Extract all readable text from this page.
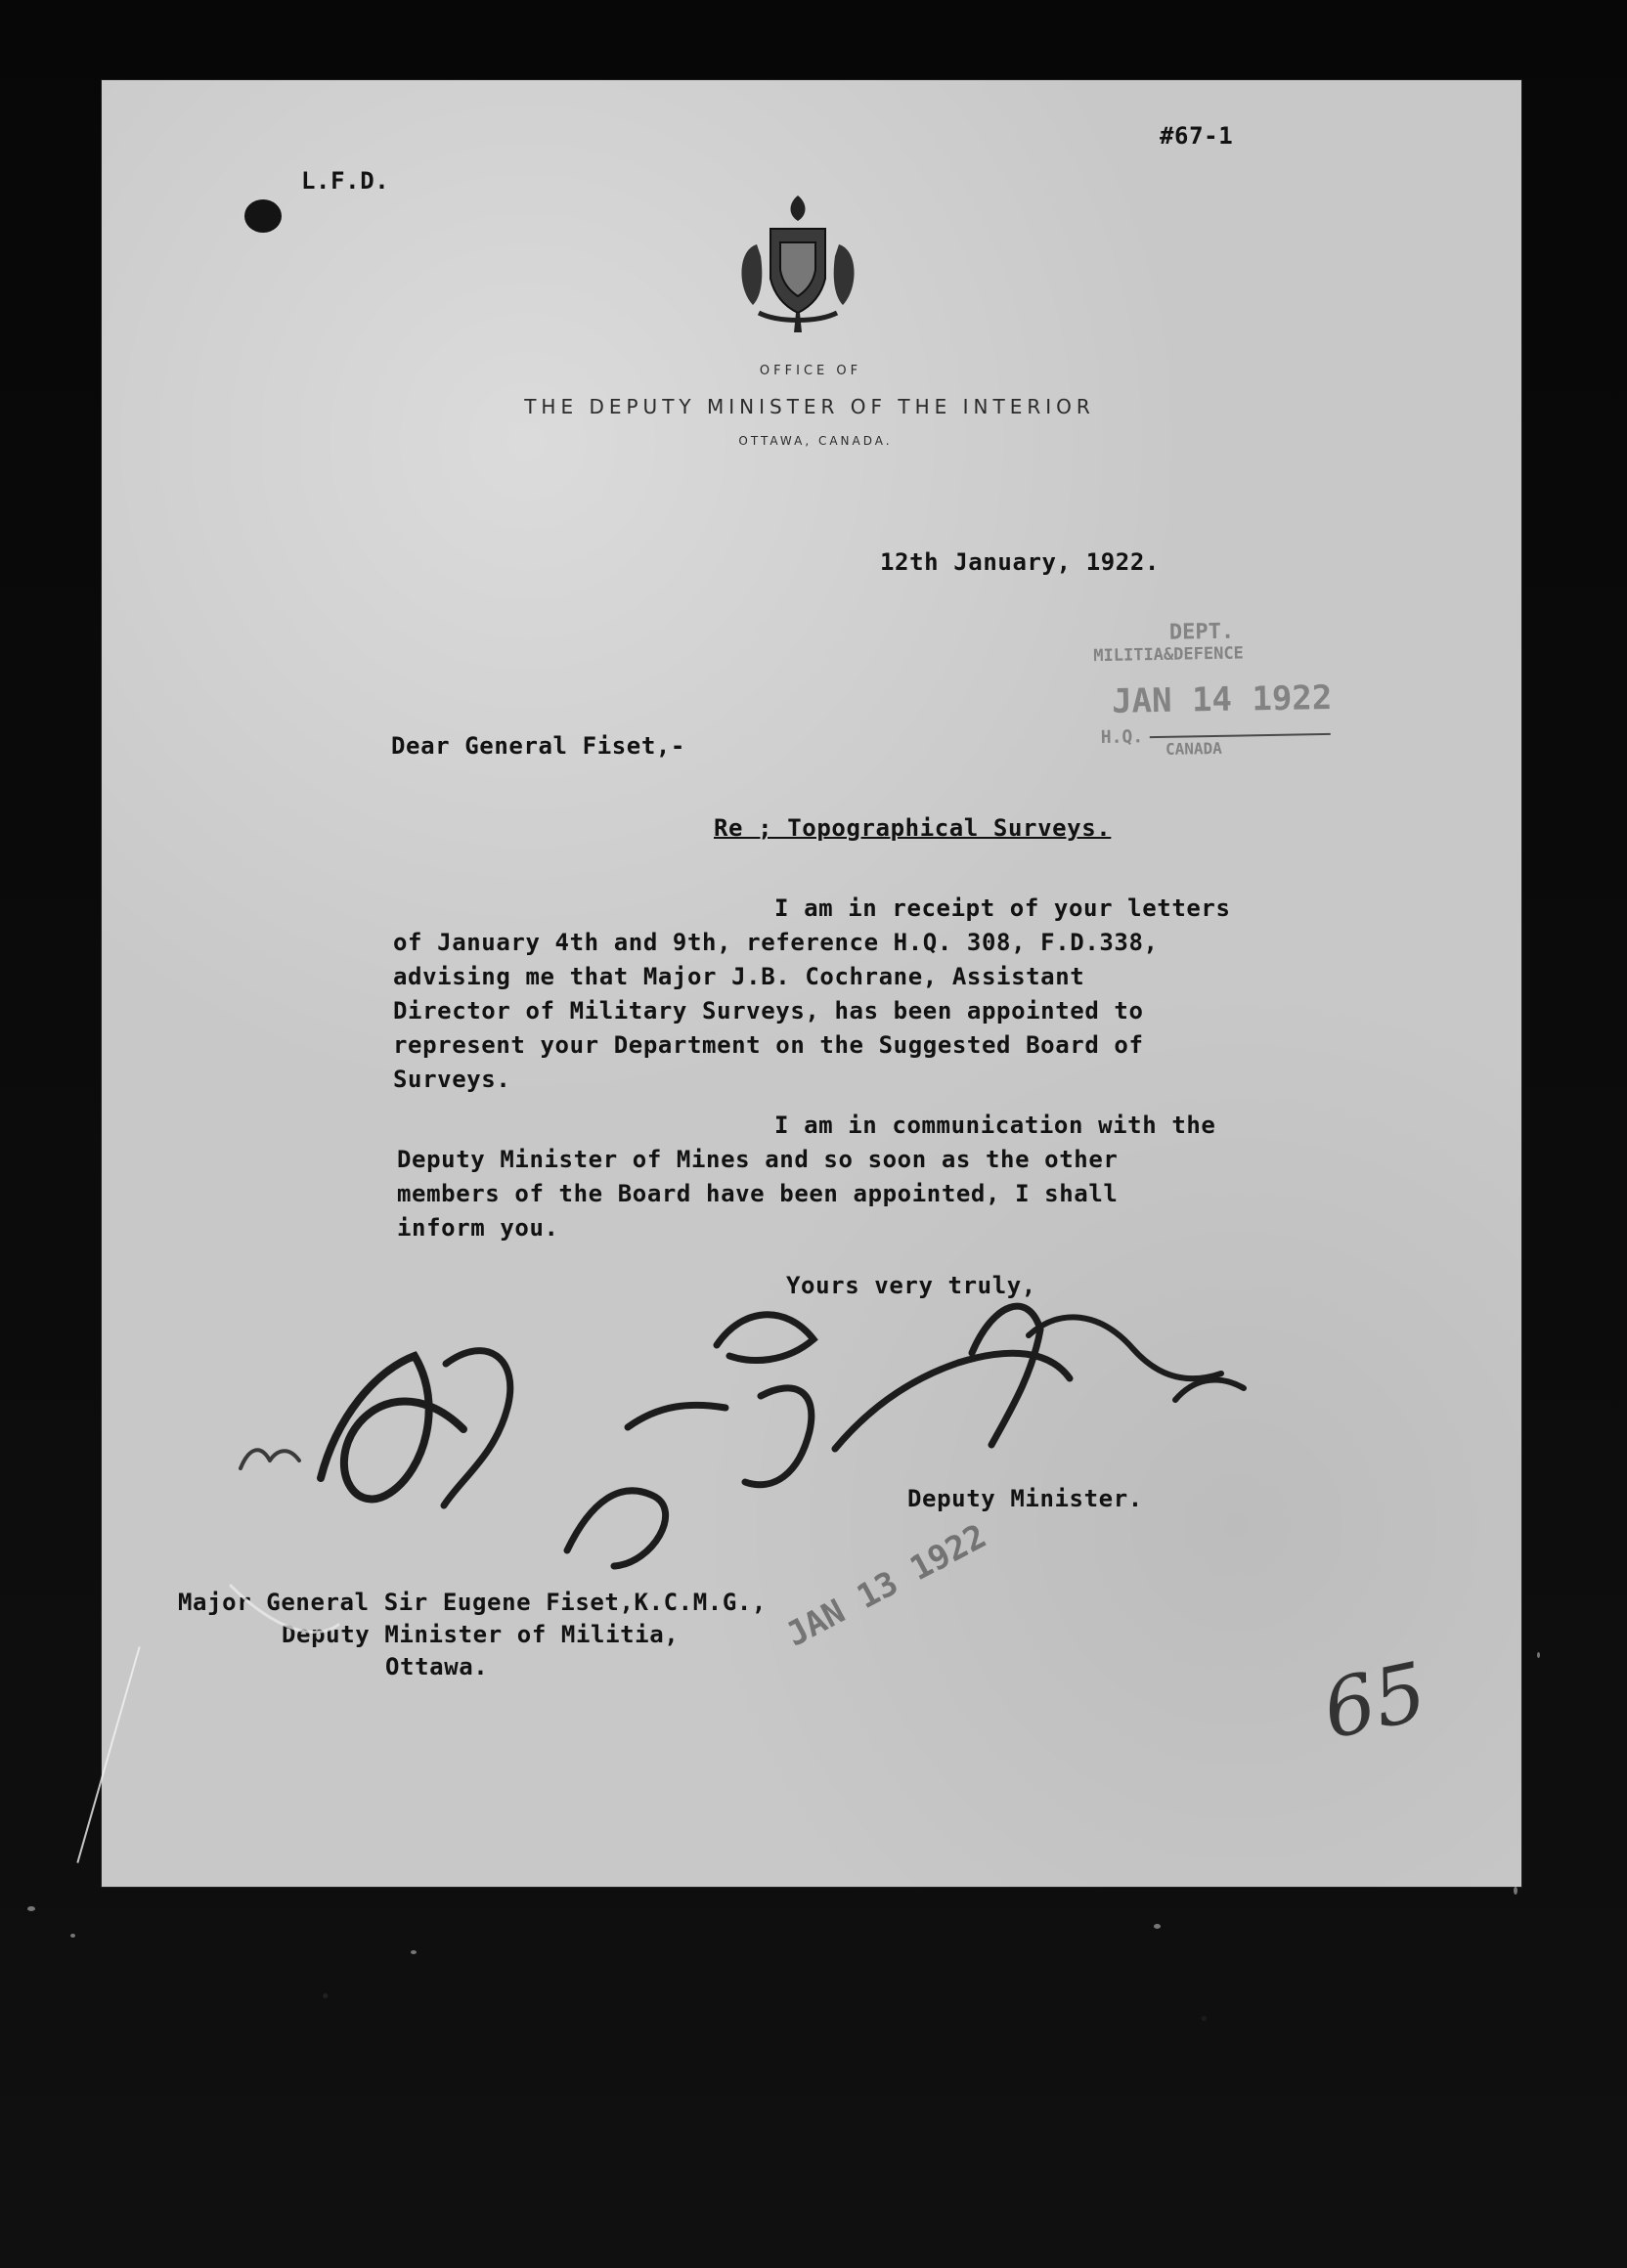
#67-1
L.F.D.
OFFICE OF
THE DEPUTY MINISTER OF THE INTERIOR
OTTAWA, CANADA.
12th January, 1922.
DEPT.
MILITIA&DEFENCE
JAN 14 1922
H.Q.
CANADA
Dear General Fiset,-
Re ; Topographical Surveys.
I am in receipt of your letters
of January 4th and 9th, reference H.Q. 308, F.D.338,
advising me that Major J.B. Cochrane, Assistant
Director of Military Surveys, has been appointed to
represent your Department on the Suggested Board of
Surveys.
I am in communication with the
Deputy Minister of Mines and so soon as the other
members of the Board have been appointed, I shall
inform you.
Yours very truly,
Deputy Minister.
Major General Sir Eugene Fiset,K.C.M.G.,
Deputy Minister of Militia,
Ottawa.
JAN 13 1922
65
